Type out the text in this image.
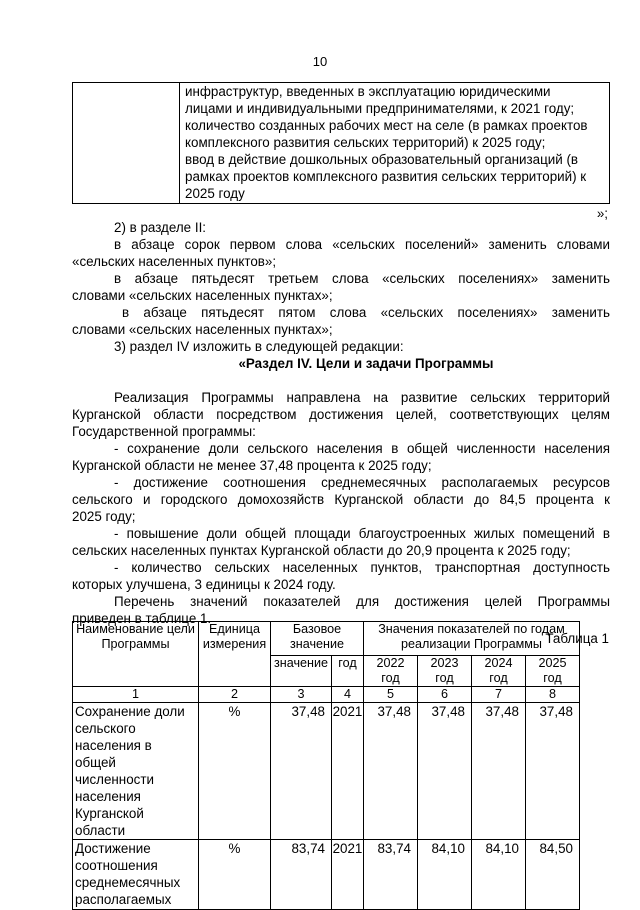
10
инфраструктур, введенных в эксплуатацию юридическими
лицами и индивидуальными предпринимателями, к 2021 году;
количество созданных рабочих мест на селе (в рамках проектов
комплексного развития сельских территорий) к 2025 году;
ввод в действие дошкольных образовательный организаций (в
рамках проектов комплексного развития сельских территорий) к
2025 году
»;
2) в разделе II:
в абзаце сорок первом слова «сельских поселений» заменить словами
«сельских населенных пунктов»;
в абзаце пятьдесят третьем слова «сельских поселениях» заменить
словами «сельских населенных пунктах»;
в абзаце пятьдесят пятом слова «сельских поселениях» заменить
словами «сельских населенных пунктах»;
3) раздел IV изложить в следующей редакции:
«Раздел IV. Цели и задачи Программы
Реализация Программы направлена на развитие сельских территорий
Курганской области посредством достижения целей, соответствующих целям
Государственной программы:
- сохранение доли сельского населения в общей численности населения
Курганской области не менее 37,48 процента к 2025 году;
- достижение соотношения среднемесячных располагаемых ресурсов
сельского и городского домохозяйств Курганской области до 84,5 процента к
2025 году;
- повышение доли общей площади благоустроенных жилых помещений в
сельских населенных пунктах Курганской области до 20,9 процента к 2025 году;
- количество сельских населенных пунктов, транспортная доступность
которых улучшена, 3 единицы к 2024 году.
Перечень значений показателей для достижения целей Программы
приведен в таблице 1.
Таблица 1
Наименование цели Программы	Единица измерения	Базовое значение		Значения показателей по годам реализации Программы			
		значение	год	2022 год	2023 год	2024 год	2025 год
1	2	3	4	5	6	7	8
Сохранение доли сельского населения в общей численности населения Курганской области	%	37,48	2021	37,48	37,48	37,48	37,48
Достижение соотношения среднемесячных располагаемых	%	83,74	2021	83,74	84,10	84,10	84,50
